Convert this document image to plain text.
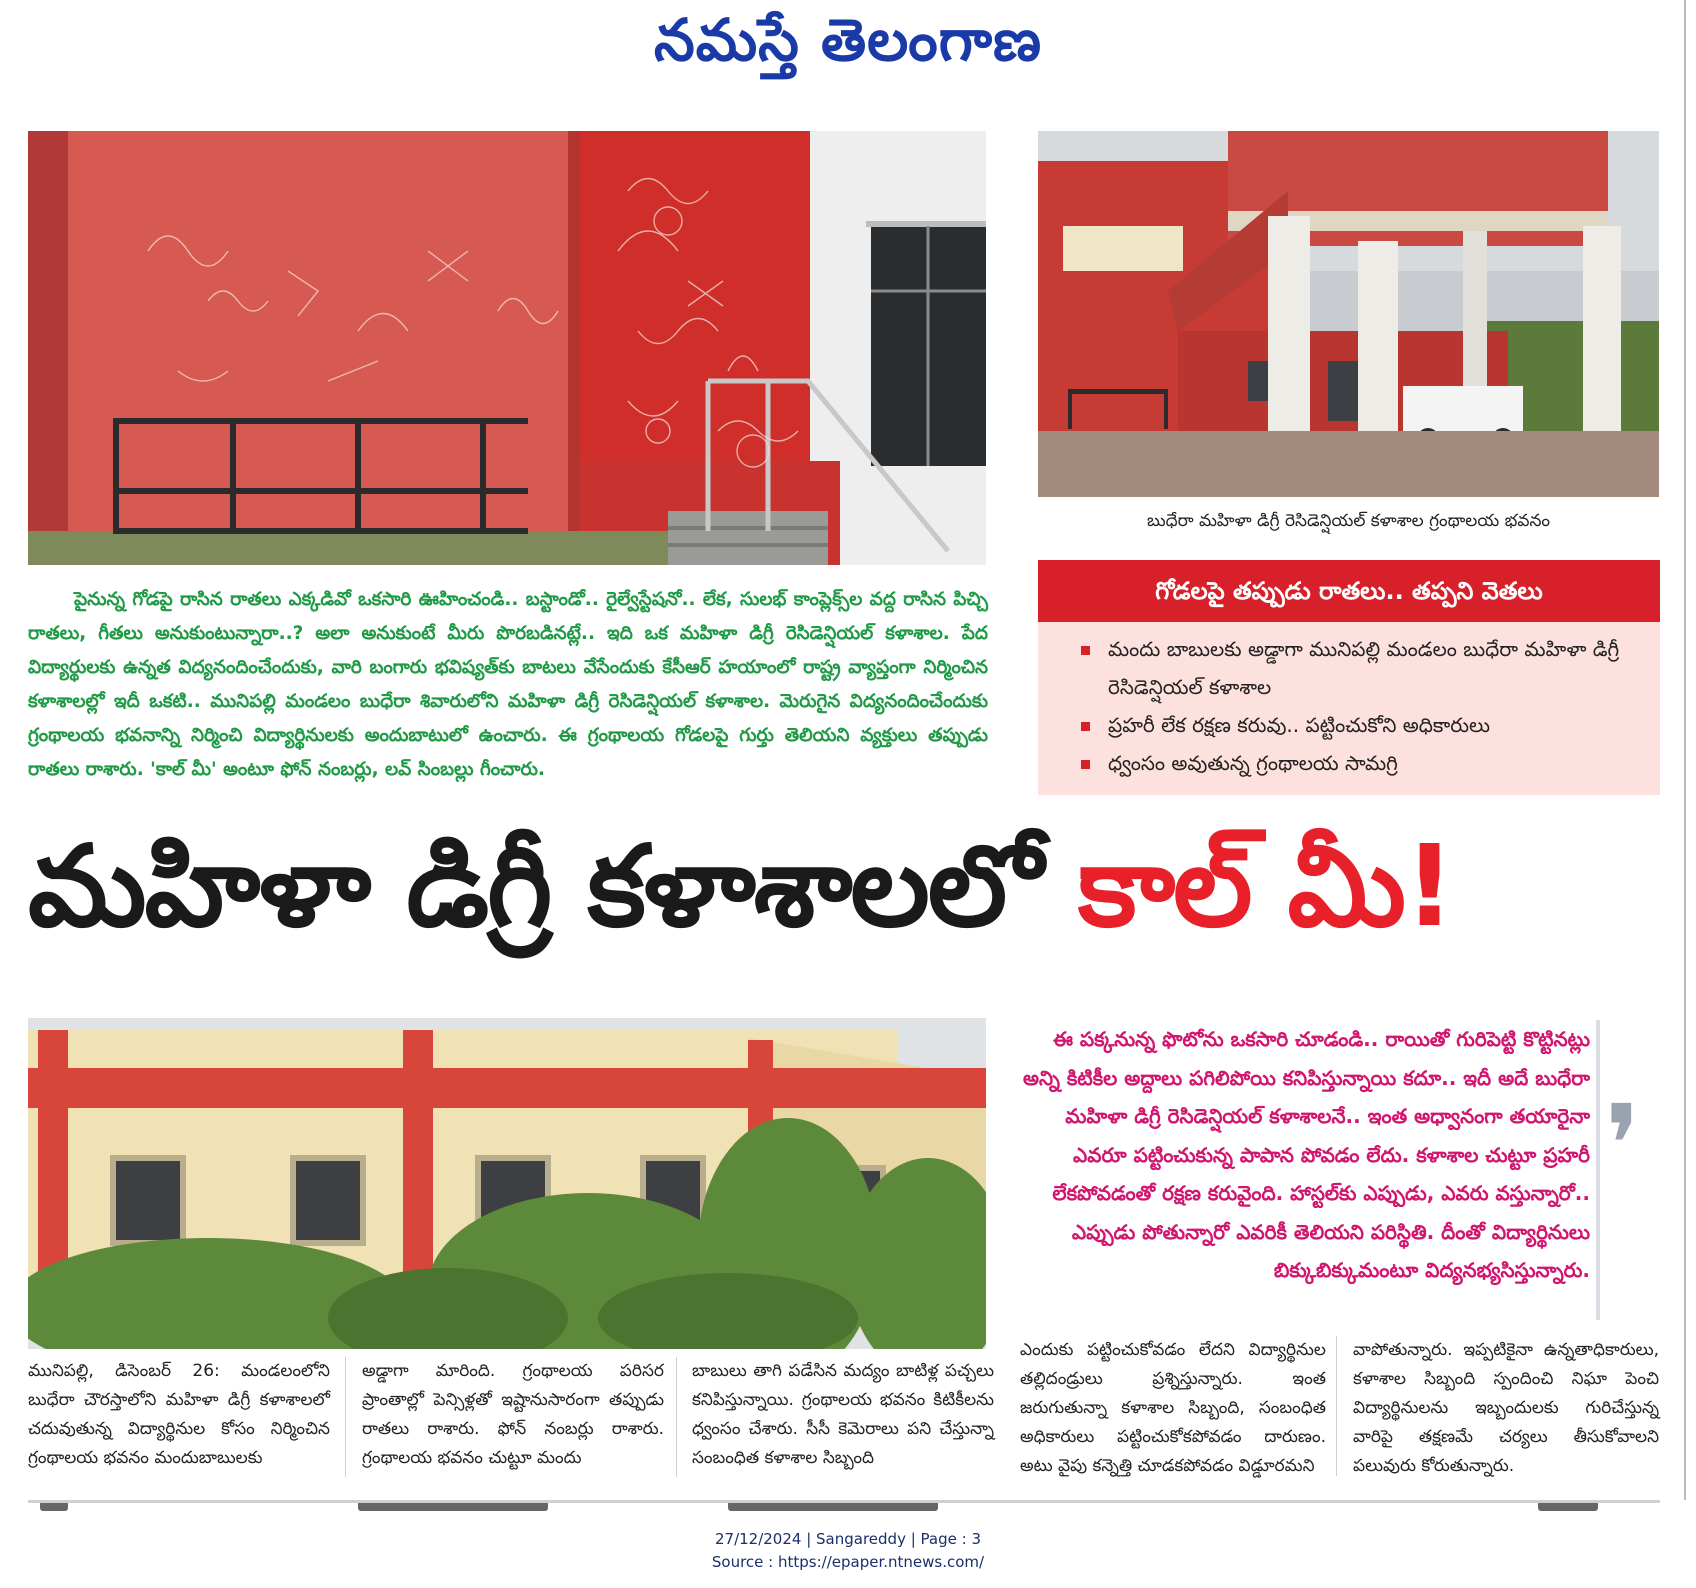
నమస్తే తెలంగాణ
బుధేరా మహిళా డిగ్రీ రెసిడెన్షియల్ కళాశాల గ్రంథాలయ భవనం
పైనున్న గోడపై రాసిన రాతలు ఎక్కడివో ఒకసారి ఊహించండి.. బస్టాండో.. రైల్వేస్టేషనో.. లేక, సులభ్ కాంప్లెక్స్‌ల వద్ద రాసిన పిచ్చి రాతలు, గీతలు అనుకుంటున్నారా..? అలా అనుకుంటే మీరు పొరబడినట్లే.. ఇది ఒక మహిళా డిగ్రీ రెసిడెన్షియల్ కళాశాల. పేద విద్యార్థులకు ఉన్నత విద్యనందించేందుకు, వారి బంగారు భవిష్యత్‌కు బాటలు వేసేందుకు కేసీఆర్ హయాంలో రాష్ట్ర వ్యాప్తంగా నిర్మించిన కళాశాలల్లో ఇదీ ఒకటి.. మునిపల్లి మండలం బుధేరా శివారులోని మహిళా డిగ్రీ రెసిడెన్షియల్ కళాశాల. మెరుగైన విద్యనందించేందుకు గ్రంథాలయ భవనాన్ని నిర్మించి విద్యార్థినులకు అందుబాటులో ఉంచారు. ఈ గ్రంథాలయ గోడలపై గుర్తు తెలియని వ్యక్తులు తప్పుడు రాతలు రాశారు. 'కాల్ మీ' అంటూ ఫోన్ నంబర్లు, లవ్ సింబల్లు గీంచారు.
గోడలపై తప్పుడు రాతలు.. తప్పని వెతలు
మందు బాబులకు అడ్డాగా మునిపల్లి మండలం బుధేరా మహిళా డిగ్రీ రెసిడెన్షియల్ కళాశాల
ప్రహరీ లేక రక్షణ కరువు.. పట్టించుకోని అధికారులు
ధ్వంసం అవుతున్న గ్రంథాలయ సామగ్రి
మహిళా డిగ్రీ కళాశాలలో కాల్ మీ!
ఈ పక్కనున్న ఫొటోను ఒకసారి చూడండి.. రాయితో గురిపెట్టి కొట్టినట్లు అన్ని కిటికీల అద్దాలు పగిలిపోయి కనిపిస్తున్నాయి కదూ.. ఇదీ అదే బుధేరా మహిళా డిగ్రీ రెసిడెన్షియల్ కళాశాలనే.. ఇంత అధ్వానంగా తయారైనా ఎవరూ పట్టించుకున్న పాపాన పోవడం లేదు. కళాశాల చుట్టూ ప్రహరీ లేకపోవడంతో రక్షణ కరువైంది. హాస్టల్‌కు ఎప్పుడు, ఎవరు వస్తున్నారో.. ఎప్పుడు పోతున్నారో ఎవరికీ తెలియని పరిస్థితి. దీంతో విద్యార్థినులు బిక్కుబిక్కుమంటూ విద్యనభ్యసిస్తున్నారు.
❜
మునిపల్లి, డిసెంబర్ 26: మండలంలోని బుధేరా చౌరస్తాలోని మహిళా డిగ్రీ కళాశాలలో చదువుతున్న విద్యార్థినుల కోసం నిర్మించిన గ్రంథాలయ భవనం మందుబాబులకు
అడ్డాగా మారింది. గ్రంథాలయ పరిసర ప్రాంతాల్లో పెన్సిళ్లతో ఇష్టానుసారంగా తప్పుడు రాతలు రాశారు. ఫోన్ నంబర్లు రాశారు. గ్రంథాలయ భవనం చుట్టూ మందు
బాబులు తాగి పడేసిన మద్యం బాటిళ్ల పచ్చలు కనిపిస్తున్నాయి. గ్రంథాలయ భవనం కిటికీలను ధ్వంసం చేశారు. సీసీ కెమెరాలు పని చేస్తున్నా సంబంధిత కళాశాల సిబ్బంది
ఎందుకు పట్టించుకోవడం లేదని విద్యార్థినుల తల్లిదండ్రులు ప్రశ్నిస్తున్నారు. ఇంత జరుగుతున్నా కళాశాల సిబ్బంది, సంబంధిత అధికారులు పట్టించుకోకపోవడం దారుణం. అటు వైపు కన్నెత్తి చూడకపోవడం విడ్డూరమని
వాపోతున్నారు. ఇప్పటికైనా ఉన్నతాధికారులు, కళాశాల సిబ్బంది స్పందించి నిఘా పెంచి విద్యార్థినులను ఇబ్బందులకు గురిచేస్తున్న వారిపై తక్షణమే చర్యలు తీసుకోవాలని పలువురు కోరుతున్నారు.
27/12/2024 | Sangareddy | Page : 3
Source : https://epaper.ntnews.com/
